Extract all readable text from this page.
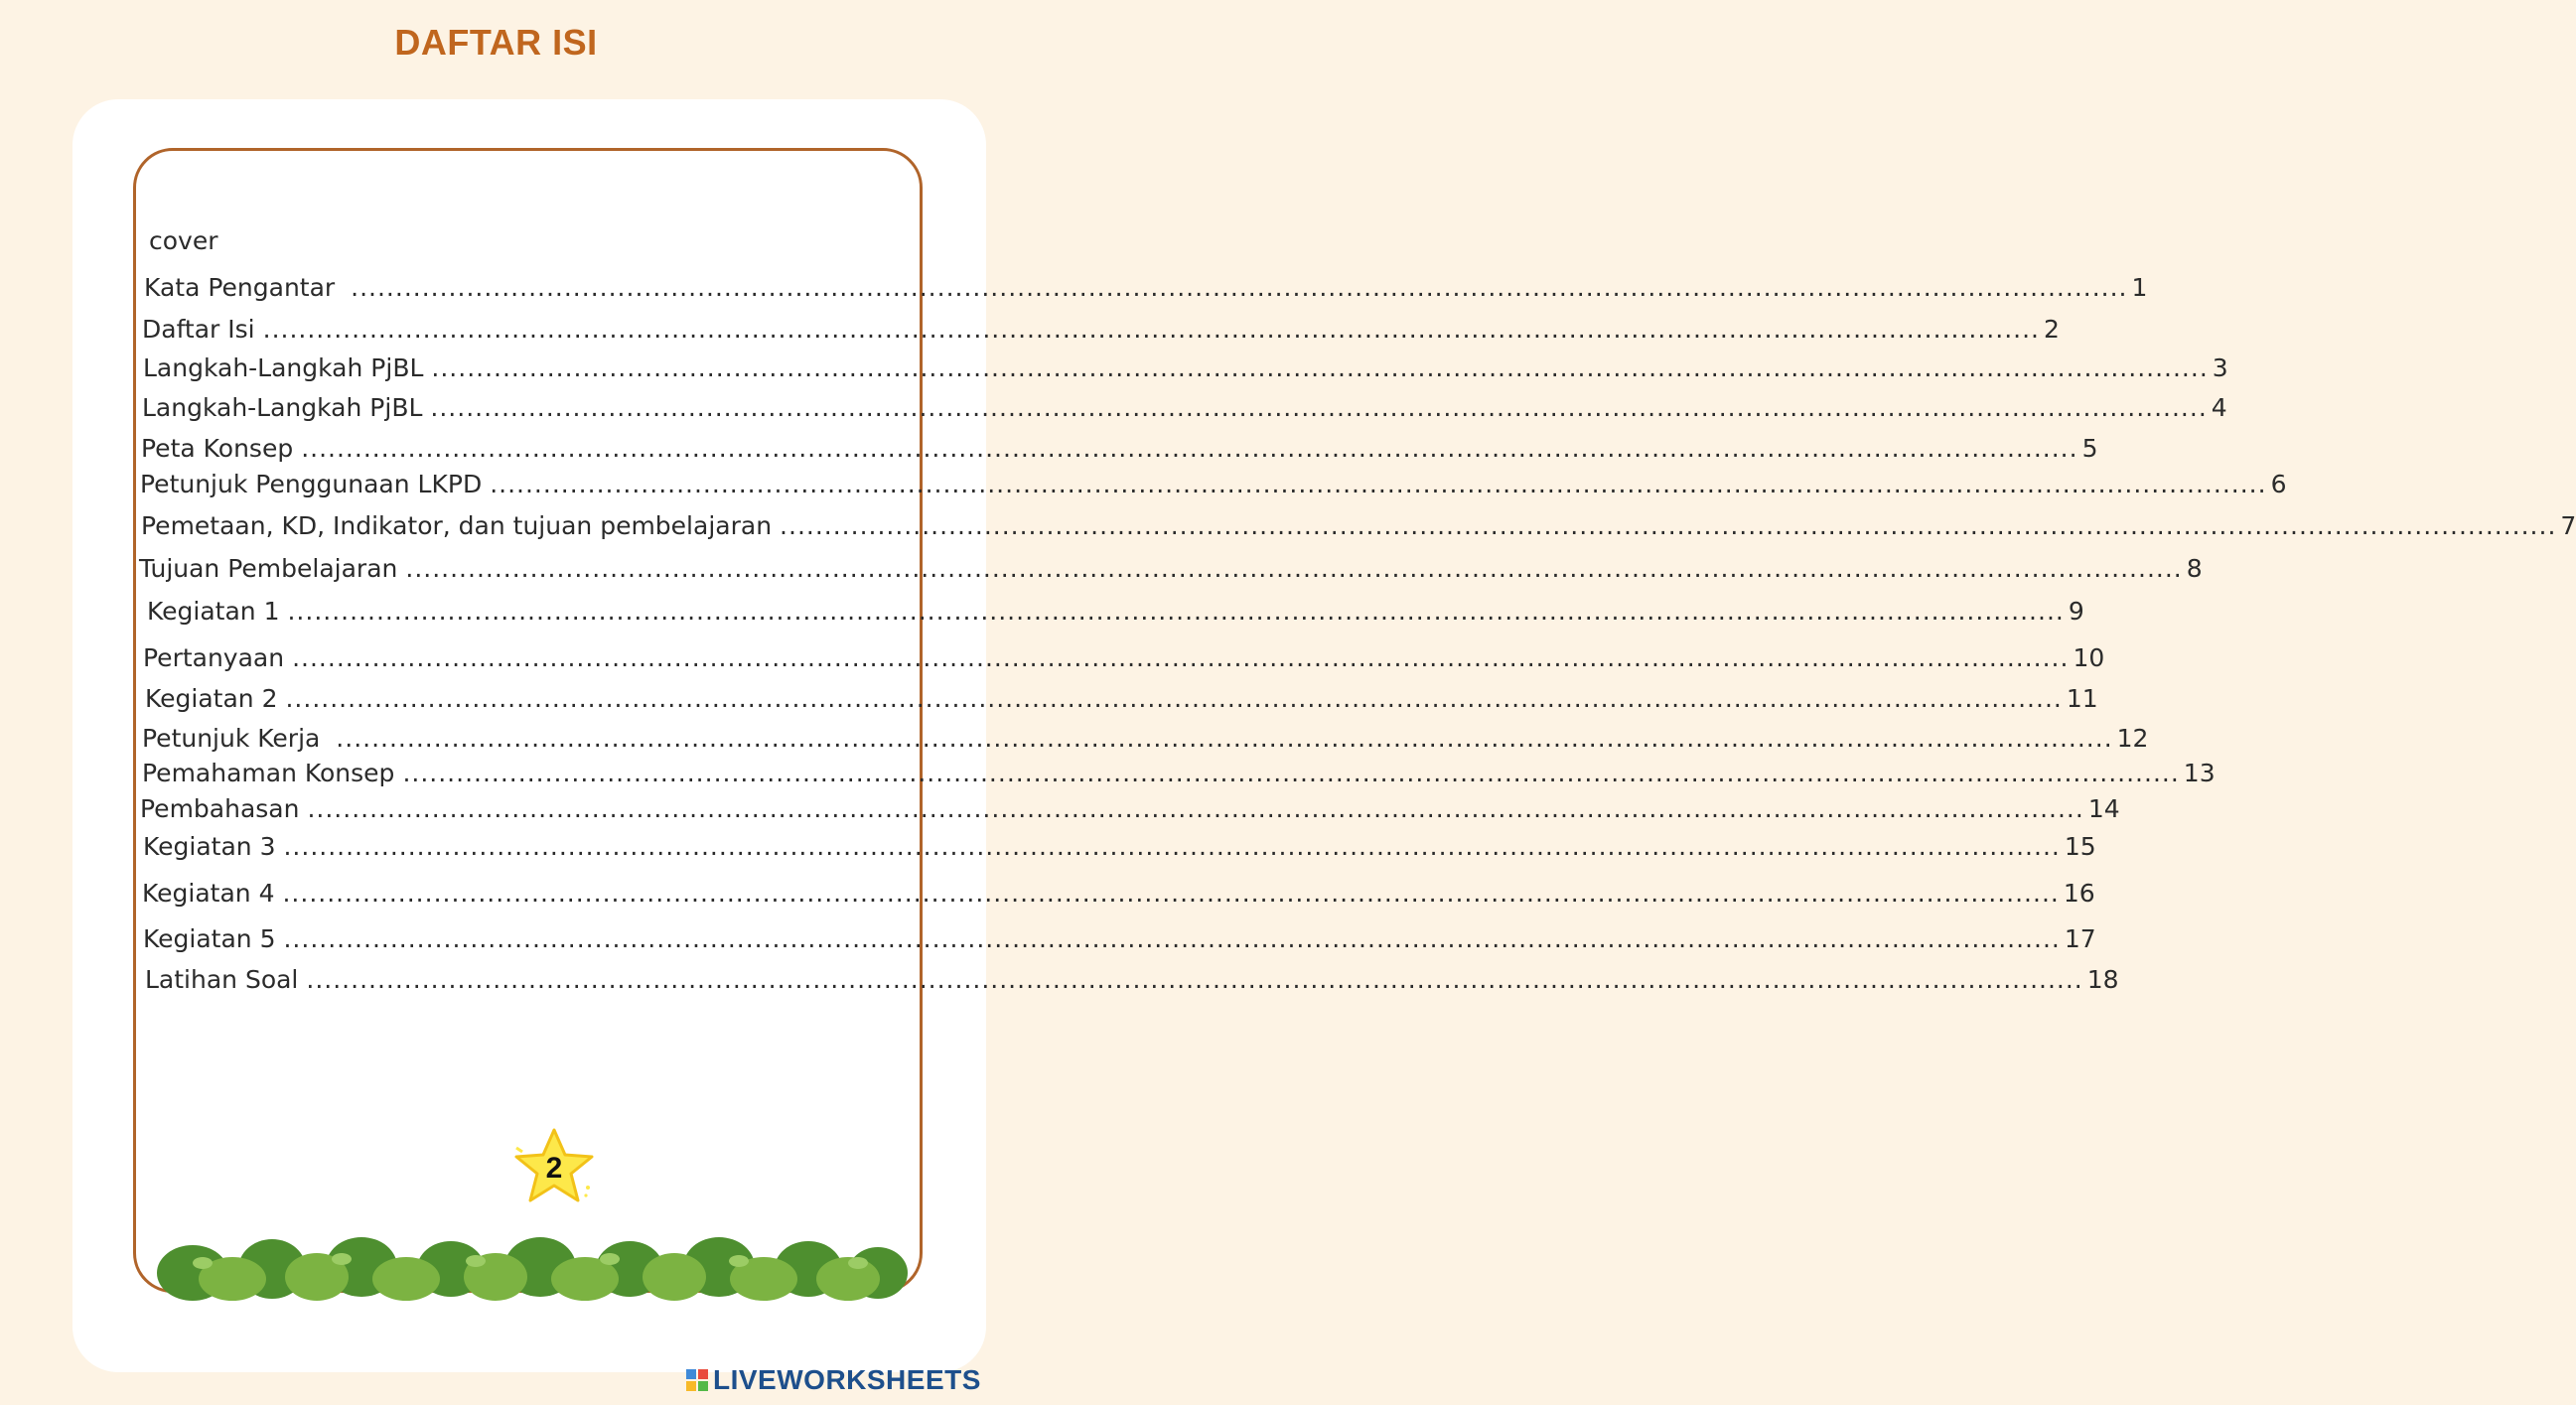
DAFTAR ISI
cover
Kata Pengantar ........................................................................................................................................................................................................ 1
Daftar Isi ........................................................................................................................................................................................................ 2
Langkah-Langkah PjBL ........................................................................................................................................................................................................ 3
Langkah-Langkah PjBL ........................................................................................................................................................................................................ 4
Peta Konsep ........................................................................................................................................................................................................ 5
Petunjuk Penggunaan LKPD ........................................................................................................................................................................................................ 6
Pemetaan, KD, Indikator, dan tujuan pembelajaran ........................................................................................................................................................................................................ 7
Tujuan Pembelajaran ........................................................................................................................................................................................................ 8
Kegiatan 1 ........................................................................................................................................................................................................ 9
Pertanyaan ........................................................................................................................................................................................................ 10
Kegiatan 2 ........................................................................................................................................................................................................ 11
Petunjuk Kerja ........................................................................................................................................................................................................ 12
Pemahaman Konsep ........................................................................................................................................................................................................ 13
Pembahasan ........................................................................................................................................................................................................ 14
Kegiatan 3 ........................................................................................................................................................................................................ 15
Kegiatan 4 ........................................................................................................................................................................................................ 16
Kegiatan 5 ........................................................................................................................................................................................................ 17
Latihan Soal ........................................................................................................................................................................................................ 18
2
LIVEWORKSHEETS
